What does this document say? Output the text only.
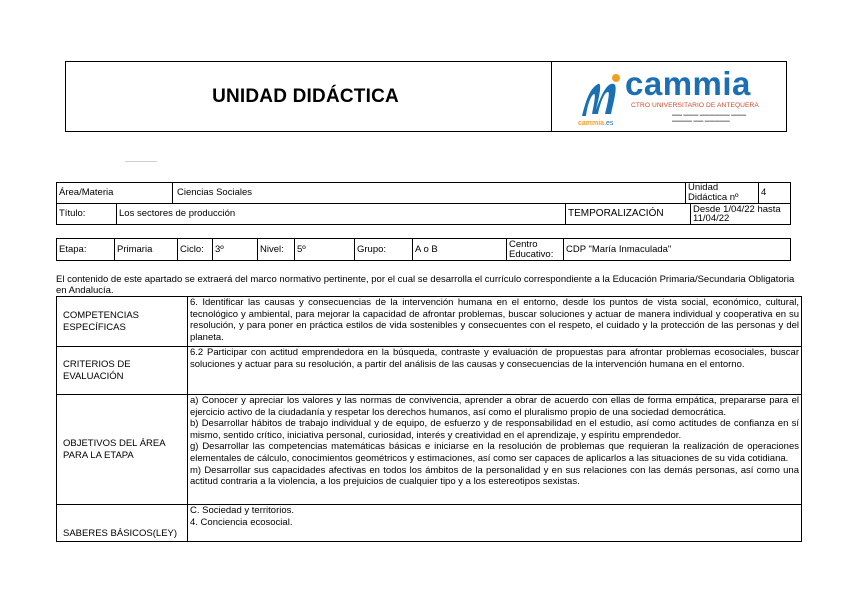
UNIDAD DIDÁCTICA	cammia
CTRO UNIVERSITARIO DE ANTEQUERA
▬▬ ▬▬▬ ▬▬▬▬▬▬ ▬▬▬
▬▬▬▬ ▬▬ ▬▬▬▬▬
cammia.es
Área/Materia		Ciencias Sociales		Unidad Didáctica nº		4
Título:	Los sectores de producción		TEMPORALIZACIÓN		Desde 1/04/22 hasta 11/04/22	
Etapa:	Primaria	Ciclo:	3º	Nivel:	5º	Grupo:	A o B	Centro Educativo:	CDP "María Inmaculada"
El contenido de este apartado se extraerá del marco normativo pertinente, por el cual se desarrolla el currículo correspondiente a la Educación Primaria/Secundaria Obligatoria en Andalucía.
COMPETENCIAS ESPECÍFICAS	6. Identificar las causas y consecuencias de la intervención humana en el entorno, desde los puntos de vista social, económico, cultural, tecnológico y ambiental, para mejorar la capacidad de afrontar problemas, buscar soluciones y actuar de manera individual y cooperativa en su resolución, y para poner en práctica estilos de vida sostenibles y consecuentes con el respeto, el cuidado y la protección de las personas y del planeta.

CRITERIOS DE EVALUACIÓN	6.2 Participar con actitud emprendedora en la búsqueda, contraste y evaluación de propuestas para afrontar problemas ecosociales, buscar soluciones y actuar para su resolución, a partir del análisis de las causas y consecuencias de la intervención humana en el entorno.

OBJETIVOS DEL ÁREA PARA LA ETAPA	a) Conocer y apreciar los valores y las normas de convivencia, aprender a obrar de acuerdo con ellas de forma empática, prepararse para el ejercicio activo de la ciudadanía y respetar los derechos humanos, así como el pluralismo propio de una sociedad democrática.
b) Desarrollar hábitos de trabajo individual y de equipo, de esfuerzo y de responsabilidad en el estudio, así como actitudes de confianza en sí mismo, sentido crítico, iniciativa personal, curiosidad, interés y creatividad en el aprendizaje, y espíritu emprendedor.
g) Desarrollar las competencias matemáticas básicas e iniciarse en la resolución de problemas que requieran la realización de operaciones elementales de cálculo, conocimientos geométricos y estimaciones, así como ser capaces de aplicarlos a las situaciones de su vida cotidiana.
m) Desarrollar sus capacidades afectivas en todos los ámbitos de la personalidad y en sus relaciones con las demás personas, así como una actitud contraria a la violencia, a los prejuicios de cualquier tipo y a los estereotipos sexistas.

SABERES BÁSICOS(LEY)	C. Sociedad y territorios.
4. Conciencia ecosocial.
